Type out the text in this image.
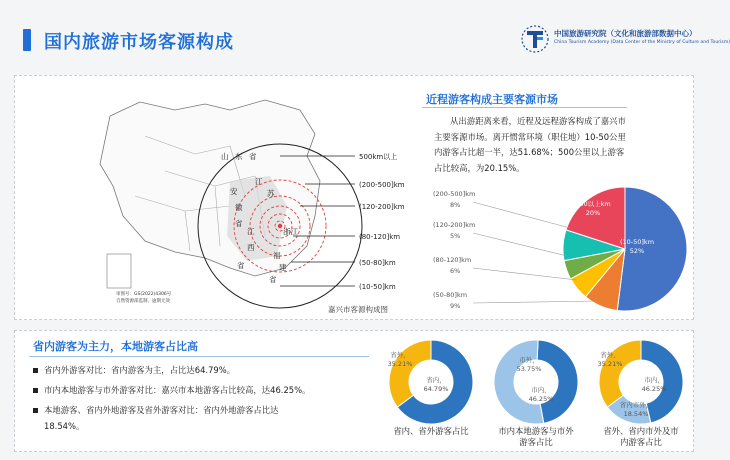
国内旅游市场客源构成	中国旅游研究院（文化和旅游部数据中心）
China Tourism Academy (Data Center of the Ministry of Culture and Tourism)
山 东 省
江
苏
安
徽
省
江
西
省
福
建
省
浙江
500km以上
(200-500]km
(120-200]km
(80-120]km
(50-80]km
(10-50]km
审图号：GS(2022)4306号
自然资源部监制，逾期无效
嘉兴市客源构成图
近程游客构成主要客源市场
从出游距离来看，近程及远程游客构成了嘉兴市主要客源市场。离开惯常环境（职住地）10-50公里内游客占比超一半，达51.68%；500公里以上游客占比较高，为20.15%。
(10-50]km
52%
500以上km
20%
(200-500]km
8%
(120-200]km
5%
(80-120]km
6%
(50-80]km
9%
省内游客为主力，本地游客占比高
省内外游客对比：省内游客为主，占比达64.79%。
市内本地游客与市外游客对比：嘉兴市本地游客占比较高，达46.25%。
本地游客、省内外地游客及省外游客对比：省内外地游客占比达
18.54%。
省内，
64.79%
省外，
35.21%
市内，
46.25%
市外，
53.75%
市内，
46.25%
省内市外，
18.54%
省外，
35.21%
省内、省外游客占比	市内本地游客与市外游客占比
省外、省内市外及市内游客占比
